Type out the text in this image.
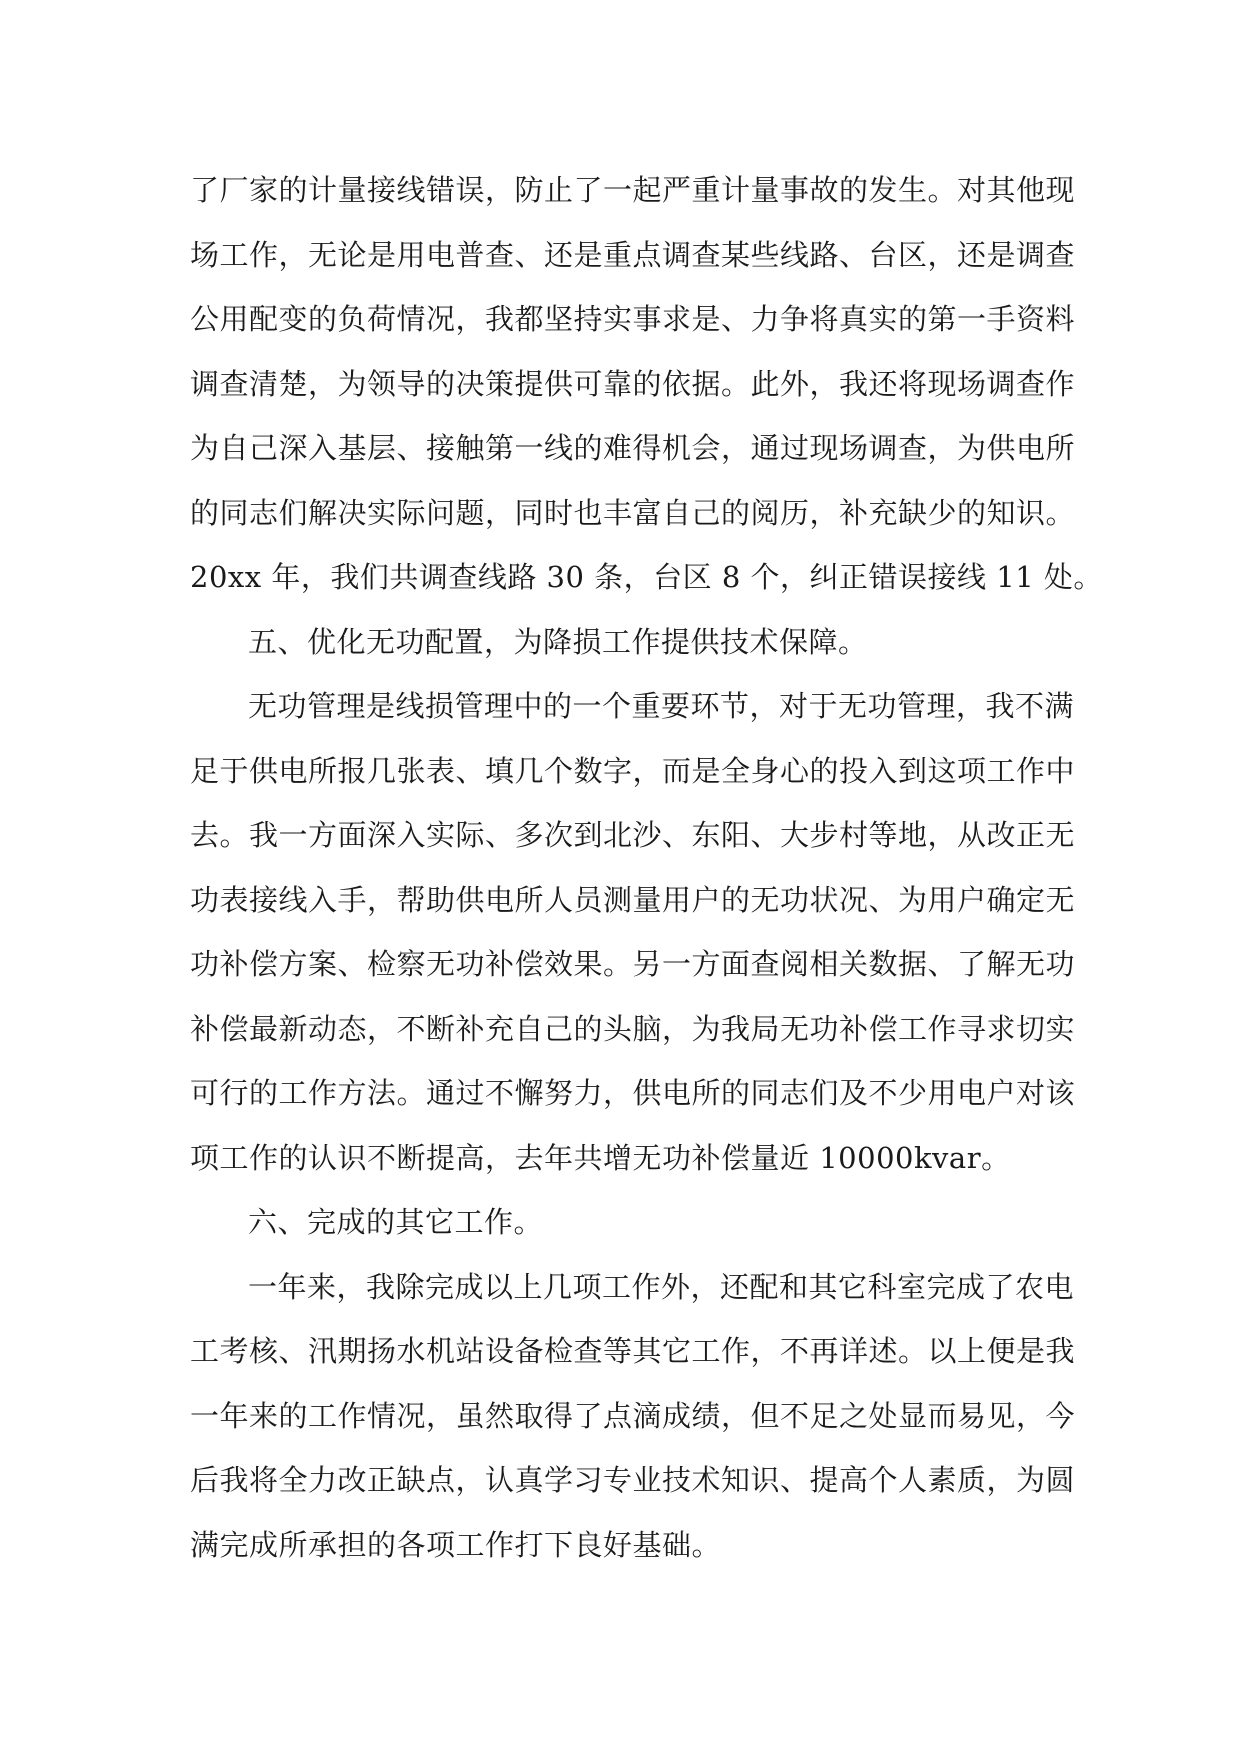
了厂家的计量接线错误，防止了一起严重计量事故的发生。对其他现
场工作，无论是用电普查、还是重点调查某些线路、台区，还是调查
公用配变的负荷情况，我都坚持实事求是、力争将真实的第一手资料
调查清楚，为领导的决策提供可靠的依据。此外，我还将现场调查作
为自己深入基层、接触第一线的难得机会，通过现场调查，为供电所
的同志们解决实际问题，同时也丰富自己的阅历，补充缺少的知识。
20xx 年，我们共调查线路 30 条，台区 8 个，纠正错误接线 11 处。
五、优化无功配置，为降损工作提供技术保障。
无功管理是线损管理中的一个重要环节，对于无功管理，我不满
足于供电所报几张表、填几个数字，而是全身心的投入到这项工作中
去。我一方面深入实际、多次到北沙、东阳、大步村等地，从改正无
功表接线入手，帮助供电所人员测量用户的无功状况、为用户确定无
功补偿方案、检察无功补偿效果。另一方面查阅相关数据、了解无功
补偿最新动态，不断补充自己的头脑，为我局无功补偿工作寻求切实
可行的工作方法。通过不懈努力，供电所的同志们及不少用电户对该
项工作的认识不断提高，去年共增无功补偿量近 10000kvar。
六、完成的其它工作。
一年来，我除完成以上几项工作外，还配和其它科室完成了农电
工考核、汛期扬水机站设备检查等其它工作，不再详述。以上便是我
一年来的工作情况，虽然取得了点滴成绩，但不足之处显而易见，今
后我将全力改正缺点，认真学习专业技术知识、提高个人素质，为圆
满完成所承担的各项工作打下良好基础。
